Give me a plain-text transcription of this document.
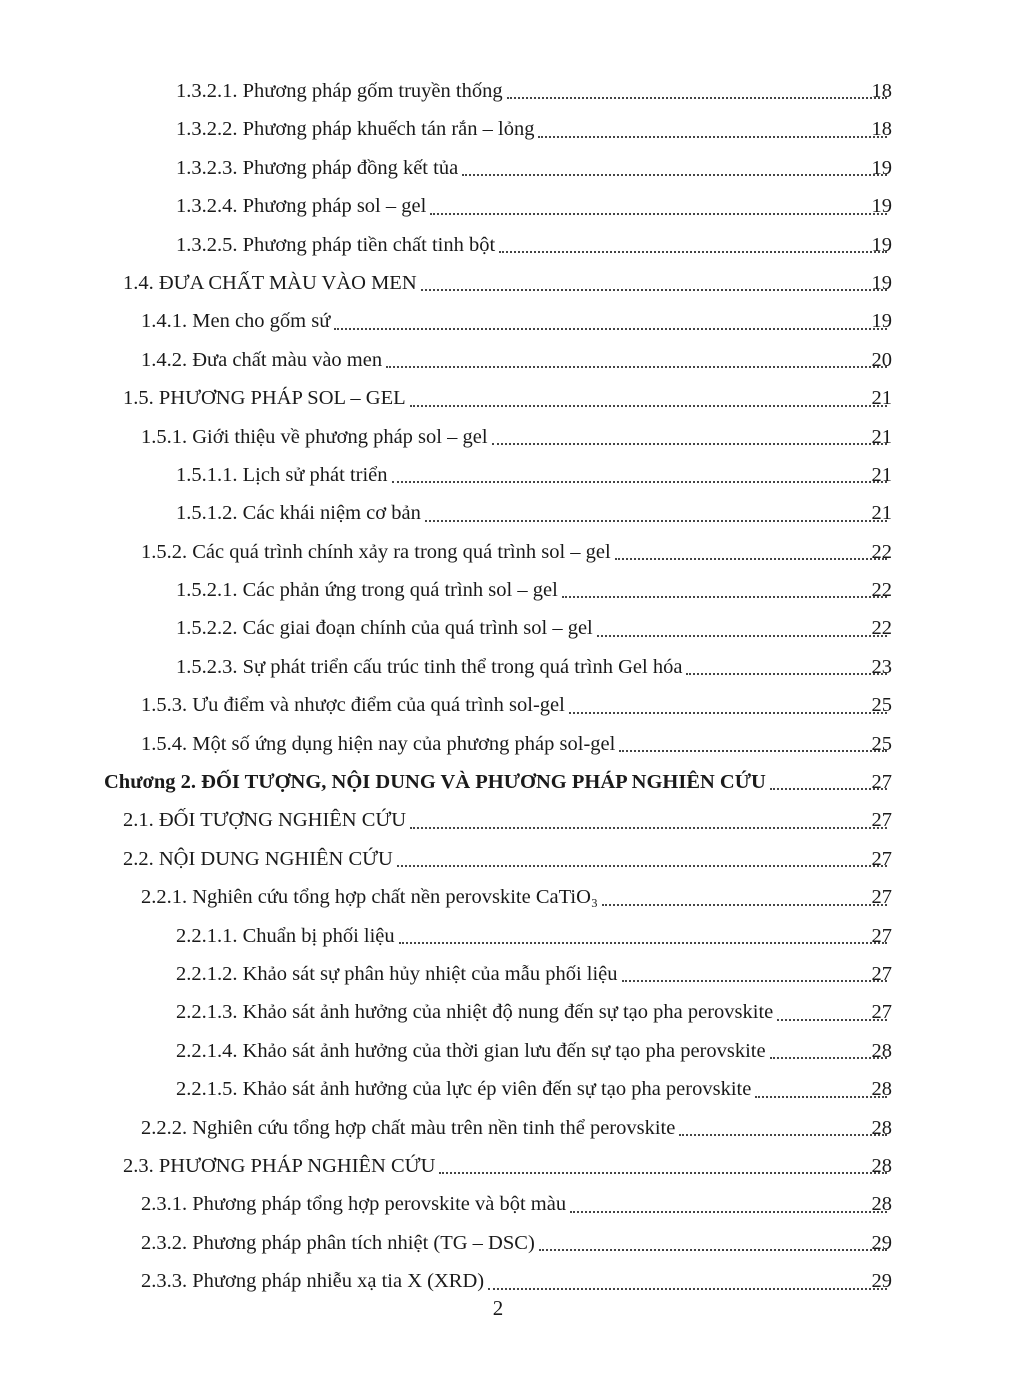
1.3.2.1. Phương pháp gốm truyền thống	18
1.3.2.2. Phương pháp khuếch tán rắn – lỏng	18
1.3.2.3. Phương pháp đồng kết tủa	19
1.3.2.4. Phương pháp sol – gel	19
1.3.2.5. Phương pháp tiền chất tinh bột	19
1.4. ĐƯA CHẤT MÀU VÀO MEN	19
1.4.1. Men cho gốm sứ	19
1.4.2. Đưa chất màu vào men	20
1.5. PHƯƠNG PHÁP SOL – GEL	21
1.5.1. Giới thiệu về phương pháp sol – gel	21
1.5.1.1. Lịch sử phát triển	21
1.5.1.2. Các khái niệm cơ bản	21
1.5.2. Các quá trình chính xảy ra trong quá trình sol – gel	22
1.5.2.1. Các phản ứng trong quá trình sol – gel	22
1.5.2.2. Các giai đoạn chính của quá trình sol – gel	22
1.5.2.3. Sự phát triển cấu trúc tinh thể trong quá trình Gel hóa	23
1.5.3. Ưu điểm và nhược điểm của quá trình sol-gel	25
1.5.4. Một số ứng dụng hiện nay của phương pháp sol-gel	25
Chương 2. ĐỐI TƯỢNG, NỘI DUNG VÀ PHƯƠNG PHÁP NGHIÊN CỨU	27
2.1. ĐỐI TƯỢNG NGHIÊN CỨU	27
2.2. NỘI DUNG NGHIÊN CỨU	27
2.2.1. Nghiên cứu tổng hợp chất nền perovskite CaTiO₃	27
2.2.1.1. Chuẩn bị phối liệu	27
2.2.1.2. Khảo sát sự phân hủy nhiệt của mẫu phối liệu	27
2.2.1.3. Khảo sát ảnh hưởng của nhiệt độ nung đến sự tạo pha perovskite	27
2.2.1.4. Khảo sát ảnh hưởng của thời gian lưu đến sự tạo pha perovskite	28
2.2.1.5. Khảo sát ảnh hưởng của lực ép viên đến sự tạo pha perovskite	28
2.2.2. Nghiên cứu tổng hợp chất màu trên nền tinh thể perovskite	28
2.3. PHƯƠNG PHÁP NGHIÊN CỨU	28
2.3.1. Phương pháp tổng hợp perovskite và bột màu	28
2.3.2. Phương pháp phân tích nhiệt (TG – DSC)	29
2.3.3. Phương pháp nhiễu xạ tia X (XRD)	29
2
